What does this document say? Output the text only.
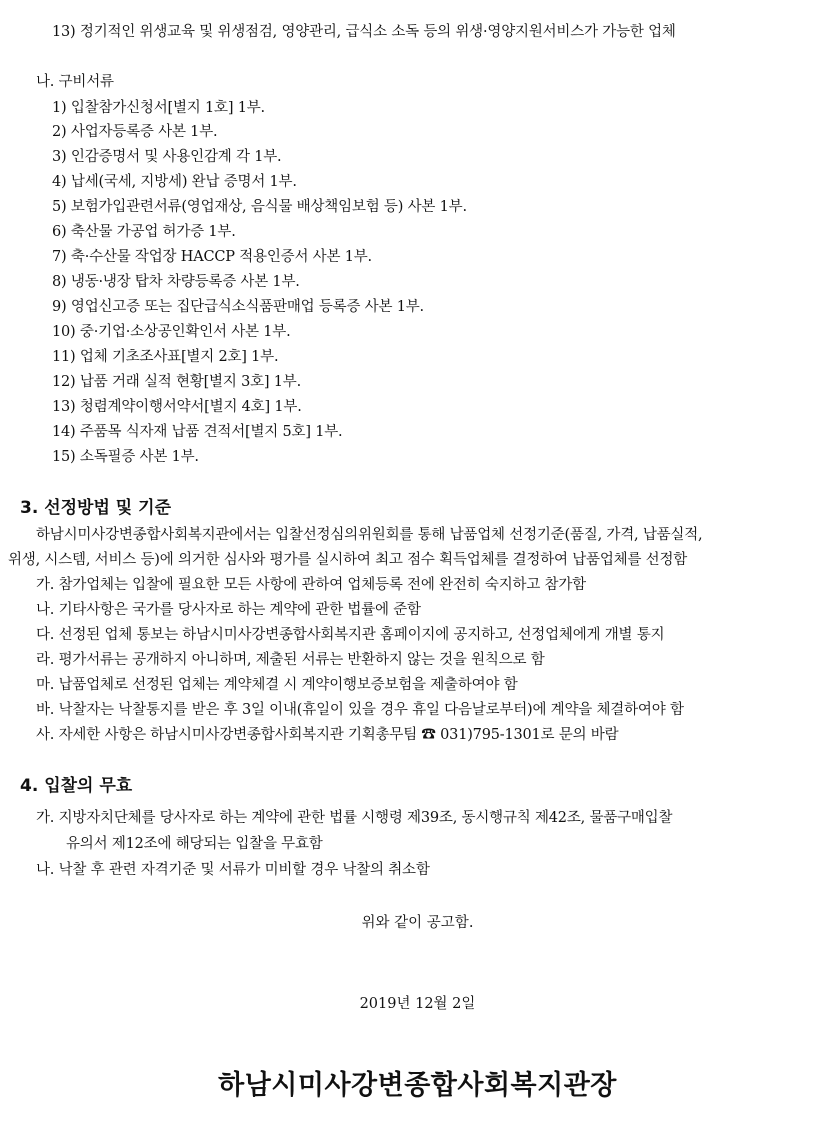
13) 정기적인 위생교육 및 위생점검, 영양관리, 급식소 소독 등의 위생·영양지원서비스가 가능한 업체
나. 구비서류
1) 입찰참가신청서[별지 1호] 1부.
2) 사업자등록증 사본 1부.
3) 인감증명서 및 사용인감계 각 1부.
4) 납세(국세, 지방세) 완납 증명서 1부.
5) 보험가입관련서류(영업재상, 음식물 배상책임보험 등) 사본 1부.
6) 축산물 가공업 허가증 1부.
7) 축·수산물 작업장 HACCP 적용인증서 사본 1부.
8) 냉동·냉장 탑차 차량등록증 사본 1부.
9) 영업신고증 또는 집단급식소식품판매업 등록증 사본 1부.
10) 중·기업·소상공인확인서 사본 1부.
11) 업체 기초조사표[별지 2호] 1부.
12) 납품 거래 실적 현황[별지 3호] 1부.
13) 청렴계약이행서약서[별지 4호] 1부.
14) 주품목 식자재 납품 견적서[별지 5호] 1부.
15) 소독필증 사본 1부.
3. 선정방법 및 기준
하남시미사강변종합사회복지관에서는 입찰선정심의위원회를 통해 납품업체 선정기준(품질, 가격, 납품실적,
위생, 시스템, 서비스 등)에 의거한 심사와 평가를 실시하여 최고 점수 획득업체를 결정하여 납품업체를 선정함
가. 참가업체는 입찰에 필요한 모든 사항에 관하여 업체등록 전에 완전히 숙지하고 참가함
나. 기타사항은 국가를 당사자로 하는 계약에 관한 법률에 준함
다. 선정된 업체 통보는 하남시미사강변종합사회복지관 홈페이지에 공지하고, 선정업체에게 개별 통지
라. 평가서류는 공개하지 아니하며, 제출된 서류는 반환하지 않는 것을 원칙으로 함
마. 납품업체로 선정된 업체는 계약체결 시 계약이행보증보험을 제출하여야 함
바. 낙찰자는 낙찰통지를 받은 후 3일 이내(휴일이 있을 경우 휴일 다음날로부터)에 계약을 체결하여야 함
사. 자세한 사항은 하남시미사강변종합사회복지관 기획총무팀 ☎ 031)795-1301로 문의 바람
4. 입찰의 무효
가. 지방자치단체를 당사자로 하는 계약에 관한 법률 시행령 제39조, 동시행규칙 제42조, 물품구매입찰
유의서 제12조에 해당되는 입찰을 무효함
나. 낙찰 후 관련 자격기준 및 서류가 미비할 경우 낙찰의 취소함
위와 같이 공고함.
2019년 12월 2일
하남시미사강변종합사회복지관장
